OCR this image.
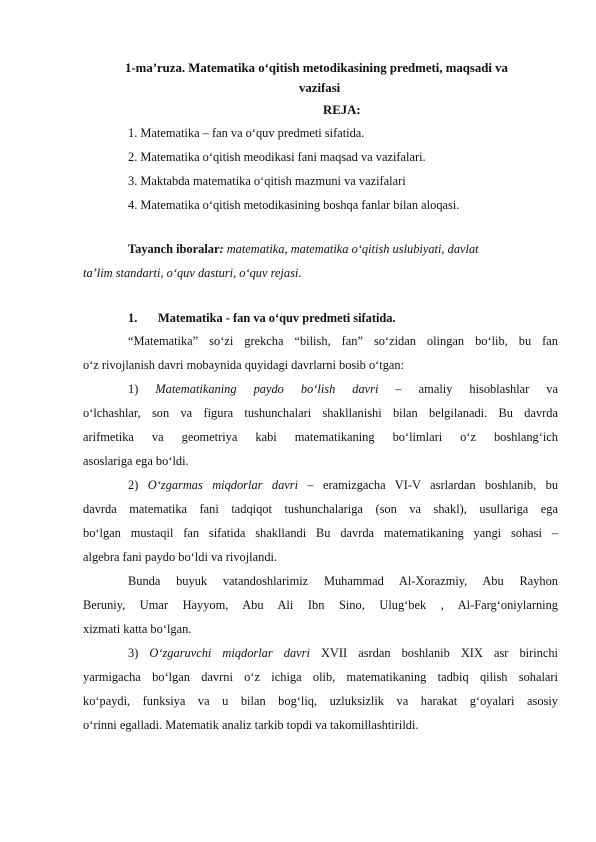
1-ma’ruza. Matematika o‘qitish metodikasining predmeti, maqsadi va
vazifasi
REJA:
1. Matematika – fan va o‘quv predmeti sifatida.
2. Matematika o‘qitish meodikasi fani maqsad va vazifalari.
3. Maktabda matematika o‘qitish mazmuni va vazifalari
4. Matematika o‘qitish metodikasining boshqa fanlar bilan aloqasi.
Tayanch iboralar: matematika, matematika o‘qitish uslubiyati, davlat
ta’lim standarti, o‘quv dasturi, o‘quv rejasi.
1. Matematika - fan va o‘quv predmeti sifatida.
“Matematika” so‘zi grekcha “bilish, fan” so‘zidan olingan bo‘lib, bu fan
o‘z rivojlanish davri mobaynida quyidagi davrlarni bosib o‘tgan:
1) Matematikaning paydo bo‘lish davri – amaliy hisoblashlar va
o‘lchashlar, son va figura tushunchalari shakllanishi bilan belgilanadi. Bu davrda
arifmetika va geometriya kabi matematikaning bo‘limlari o‘z boshlang‘ich
asoslariga ega bo‘ldi.
2) O‘zgarmas miqdorlar davri – eramizgacha VI-V asrlardan boshlanib, bu
davrda matematika fani tadqiqot tushunchalariga (son va shakl), usullariga ega
bo‘lgan mustaqil fan sifatida shakllandi Bu davrda matematikaning yangi sohasi –
algebra fani paydo bo‘ldi va rivojlandi.
Bunda buyuk vatandoshlarimiz Muhammad Al-Xorazmiy, Abu Rayhon
Beruniy, Umar Hayyom, Abu Ali Ibn Sino, Ulug‘bek , Al-Farg‘oniylarning
xizmati katta bo‘lgan.
3) O‘zgaruvchi miqdorlar davri XVII asrdan boshlanib XIX asr birinchi
yarmigacha bo‘lgan davrni o‘z ichiga olib, matematikaning tadbiq qilish sohalari
ko‘paydi, funksiya va u bilan bog‘liq, uzluksizlik va harakat g‘oyalari asosiy
o‘rinni egalladi. Matematik analiz tarkib topdi va takomillashtirildi.
